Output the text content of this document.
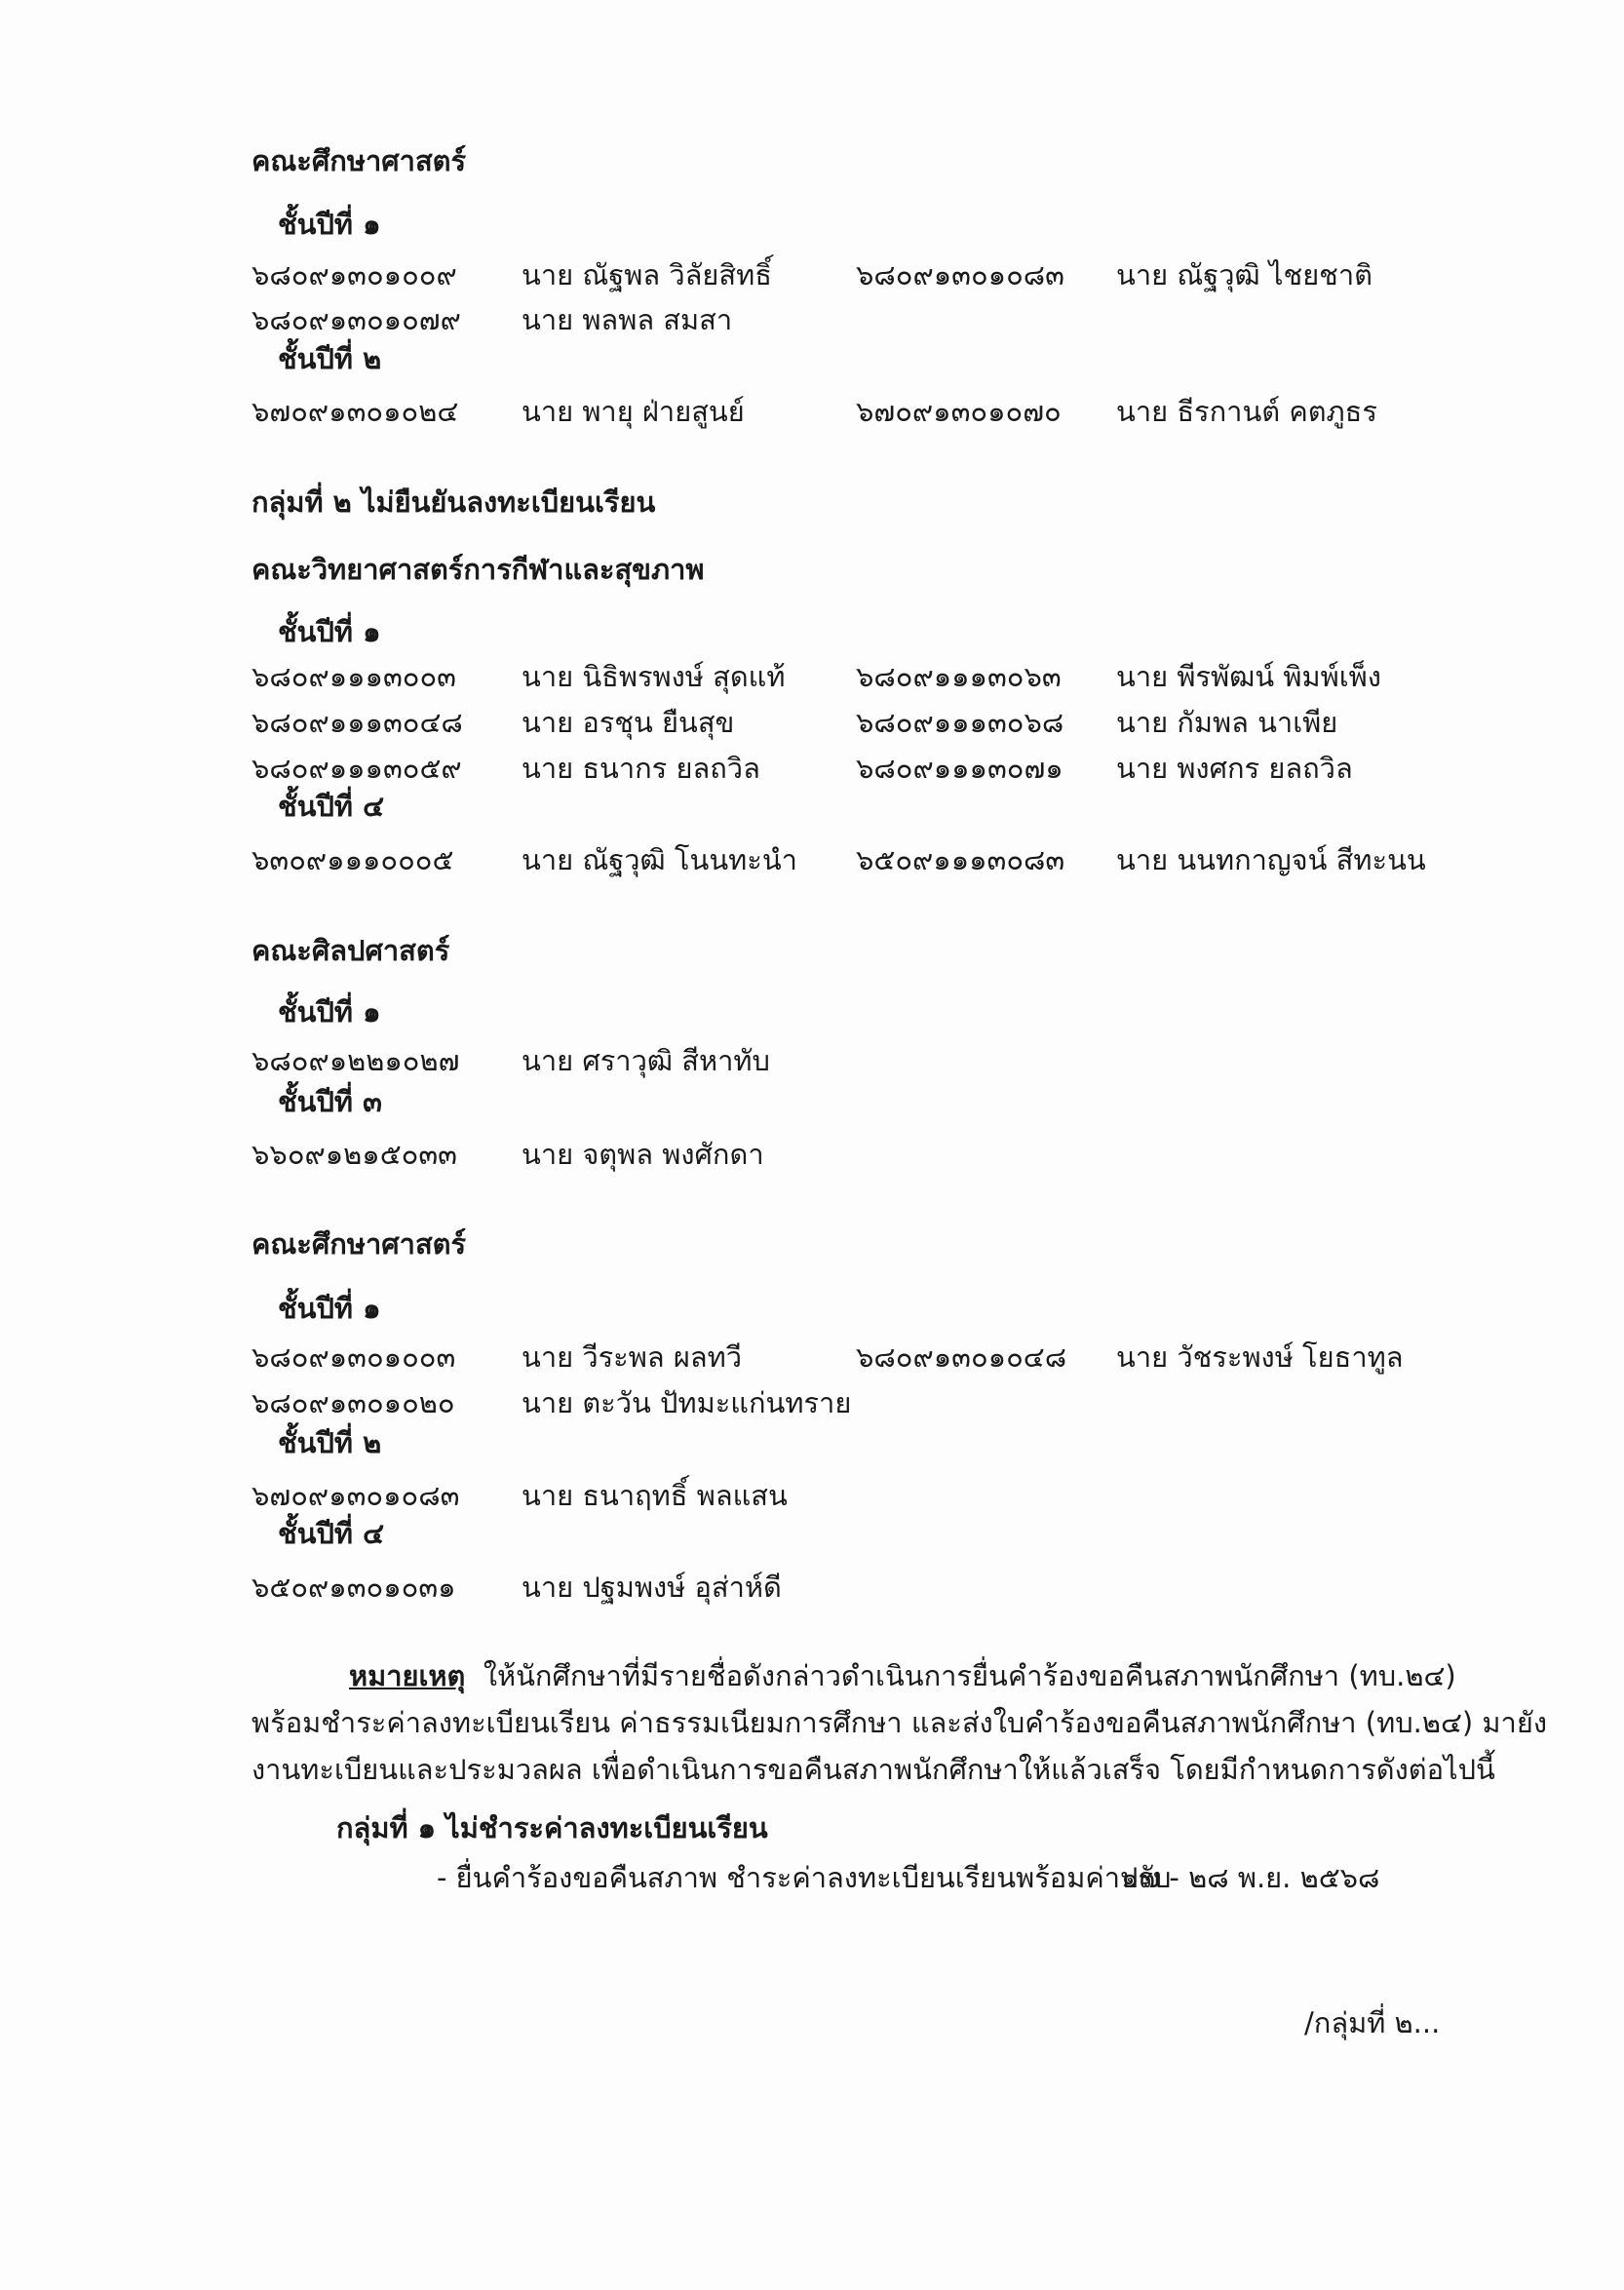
คณะศึกษาศาสตร์
ชั้นปีที่ ๑
๖๘๐๙๑๓๐๑๐๐๙ นาย ณัฐพล วิลัยสิทธิ์	๖๘๐๙๑๓๐๑๐๘๓ นาย ณัฐวุฒิ ไชยชาติ
๖๘๐๙๑๓๐๑๐๗๙ นาย พลพล สมสา
ชั้นปีที่ ๒
๖๗๐๙๑๓๐๑๐๒๔ นาย พายุ ฝ่ายสูนย์	๖๗๐๙๑๓๐๑๐๗๐ นาย ธีรกานต์ คตภูธร
กลุ่มที่ ๒ ไม่ยืนยันลงทะเบียนเรียน
คณะวิทยาศาสตร์การกีฬาและสุขภาพ
ชั้นปีที่ ๑
๖๘๐๙๑๑๑๓๐๐๓ นาย นิธิพรพงษ์ สุดแท้	๖๘๐๙๑๑๑๓๐๖๓ นาย พีรพัฒน์ พิมพ์เพ็ง
๖๘๐๙๑๑๑๓๐๔๘ นาย อรชุน ยืนสุข	๖๘๐๙๑๑๑๓๐๖๘ นาย กัมพล นาเพีย
๖๘๐๙๑๑๑๓๐๕๙ นาย ธนากร ยลถวิล	๖๘๐๙๑๑๑๓๐๗๑ นาย พงศกร ยลถวิล
ชั้นปีที่ ๔
๖๓๐๙๑๑๑๐๐๐๕ นาย ณัฐวุฒิ โนนทะนำ ๖๕๐๙๑๑๑๓๐๘๓ นาย นนทกาญจน์ สีทะนน
คณะศิลปศาสตร์
ชั้นปีที่ ๑
๖๘๐๙๑๒๒๑๐๒๗ นาย ศราวุฒิ สีหาทับ
ชั้นปีที่ ๓
๖๖๐๙๑๒๑๕๐๓๓ นาย จตุพล พงศักดา
คณะศึกษาศาสตร์
ชั้นปีที่ ๑
๖๘๐๙๑๓๐๑๐๐๓ นาย วีระพล ผลทวี	๖๘๐๙๑๓๐๑๐๔๘ นาย วัชระพงษ์ โยธาทูล
๖๘๐๙๑๓๐๑๐๒๐ นาย ตะวัน ปัทมะแก่นทราย
ชั้นปีที่ ๒
๖๗๐๙๑๓๐๑๐๘๓ นาย ธนาฤทธิ์ พลแสน
ชั้นปีที่ ๔
๖๕๐๙๑๓๐๑๐๓๑ นาย ปฐมพงษ์ อุส่าห์ดี
หมายเหตุ ให้นักศึกษาที่มีรายชื่อดังกล่าวดำเนินการยื่นคำร้องขอคืนสภาพนักศึกษา (ทบ.๒๔)
พร้อมชำระค่าลงทะเบียนเรียน ค่าธรรมเนียมการศึกษา และส่งใบคำร้องขอคืนสภาพนักศึกษา (ทบ.๒๔) มายัง
งานทะเบียนและประมวลผล เพื่อดำเนินการขอคืนสภาพนักศึกษาให้แล้วเสร็จ โดยมีกำหนดการดังต่อไปนี้
กลุ่มที่ ๑ ไม่ชำระค่าลงทะเบียนเรียน
- ยื่นคำร้องขอคืนสภาพ ชำระค่าลงทะเบียนเรียนพร้อมค่าปรับ
๑๗ - ๒๘ พ.ย. ๒๕๖๘
/กลุ่มที่ ๒...
